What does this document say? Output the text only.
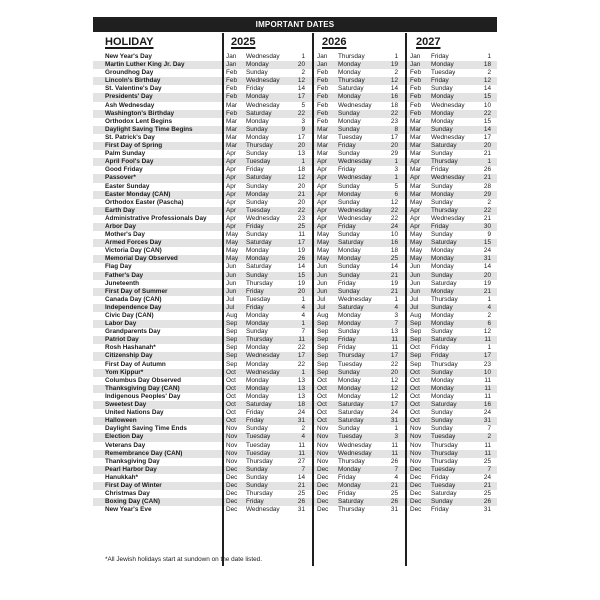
IMPORTANT DATES
HOLIDAY	2025	2026	2027
New Year's Day	Jan Wednesday	1 Jan Thursday	1 Jan Friday	1
Martin Luther King Jr. Day	Jan Monday	20 Jan Monday	19 Jan Monday	18
Groundhog Day	Feb Sunday	2 Feb Monday	2 Feb Tuesday	2
Lincoln's Birthday	Feb Wednesday	12 Feb Thursday	12 Feb Friday	12
St. Valentine's Day	Feb Friday	14 Feb Saturday	14 Feb Sunday	14
Presidents' Day	Feb Monday	17 Feb Monday	16 Feb Monday	15
Ash Wednesday	Mar Wednesday	5 Feb Wednesday	18 Feb Wednesday	10
Washington's Birthday	Feb Saturday	22 Feb Sunday	22 Feb Monday	22
Orthodox Lent Begins	Mar Monday	3 Feb Monday	23 Mar Monday	15
Daylight Saving Time Begins	Mar Sunday	9 Mar Sunday	8 Mar Sunday	14
St. Patrick's Day	Mar Monday	17 Mar Tuesday	17 Mar Wednesday	17
First Day of Spring	Mar Thursday	20 Mar Friday	20 Mar Saturday	20
Palm Sunday	Apr Sunday	13 Mar Sunday	29 Mar Sunday	21
April Fool's Day	Apr Tuesday	1 Apr Wednesday	1 Apr Thursday	1
Good Friday	Apr Friday	18 Apr Friday	3 Mar Friday	26
Passover*	Apr Saturday	12 Apr Wednesday	1 Apr Wednesday	21
Easter Sunday	Apr Sunday	20 Apr Sunday	5 Mar Sunday	28
Easter Monday (CAN)	Apr Monday	21 Apr Monday	6 Mar Monday	29
Orthodox Easter (Pascha)	Apr Sunday	20 Apr Sunday	12 May Sunday	2
Earth Day	Apr Tuesday	22 Apr Wednesday	22 Apr Thursday	22
Administrative Professionals Day	Apr Wednesday	23 Apr Wednesday	22 Apr Wednesday	21
Arbor Day	Apr Friday	25 Apr Friday	24 Apr Friday	30
Mother's Day	May Sunday	11 May Sunday	10 May Sunday	9
Armed Forces Day	May Saturday	17 May Saturday	16 May Saturday	15
Victoria Day (CAN)	May Monday	19 May Monday	18 May Monday	24
Memorial Day Observed	May Monday	26 May Monday	25 May Monday	31
Flag Day	Jun Saturday	14 Jun Sunday	14 Jun Monday	14
Father's Day	Jun Sunday	15 Jun Sunday	21 Jun Sunday	20
Juneteenth	Jun Thursday	19 Jun Friday	19 Jun Saturday	19
First Day of Summer	Jun Friday	20 Jun Sunday	21 Jun Monday	21
Canada Day (CAN)	Jul Tuesday	1 Jul Wednesday	1 Jul Thursday	1
Independence Day	Jul Friday	4 Jul Saturday	4 Jul Sunday	4
Civic Day (CAN)	Aug Monday	4 Aug Monday	3 Aug Monday	2
Labor Day	Sep Monday	1 Sep Monday	7 Sep Monday	6
Grandparents Day	Sep Sunday	7 Sep Sunday	13 Sep Sunday	12
Patriot Day	Sep Thursday	11 Sep Friday	11 Sep Saturday	11
Rosh Hashanah*	Sep Monday	22 Sep Friday	11 Oct Friday	1
Citizenship Day	Sep Wednesday	17 Sep Thursday	17 Sep Friday	17
First Day of Autumn	Sep Monday	22 Sep Tuesday	22 Sep Thursday	23
Yom Kippur*	Oct Wednesday	1 Sep Sunday	20 Oct Sunday	10
Columbus Day Observed	Oct Monday	13 Oct Monday	12 Oct Monday	11
Thanksgiving Day (CAN)	Oct Monday	13 Oct Monday	12 Oct Monday	11
Indigenous Peoples' Day	Oct Monday	13 Oct Monday	12 Oct Monday	11
Sweetest Day	Oct Saturday	18 Oct Saturday	17 Oct Saturday	16
United Nations Day	Oct Friday	24 Oct Saturday	24 Oct Sunday	24
Halloween	Oct Friday	31 Oct Saturday	31 Oct Sunday	31
Daylight Saving Time Ends	Nov Sunday	2 Nov Sunday	1 Nov Sunday	7
Election Day	Nov Tuesday	4 Nov Tuesday	3 Nov Tuesday	2
Veterans Day	Nov Tuesday	11 Nov Wednesday	11 Nov Thursday	11
Remembrance Day (CAN)	Nov Tuesday	11 Nov Wednesday	11 Nov Thursday	11
Thanksgiving Day	Nov Thursday	27 Nov Thursday	26 Nov Thursday	25
Pearl Harbor Day	Dec Sunday	7 Dec Monday	7 Dec Tuesday	7
Hanukkah*	Dec Sunday	14 Dec Friday	4 Dec Friday	24
First Day of Winter	Dec Sunday	21 Dec Monday	21 Dec Tuesday	21
Christmas Day	Dec Thursday	25 Dec Friday	25 Dec Saturday	25
Boxing Day (CAN)	Dec Friday	26 Dec Saturday	26 Dec Sunday	26
New Year's Eve	Dec Wednesday	31 Dec Thursday	31 Dec Friday	31
*All Jewish holidays start at sundown on the date listed.
